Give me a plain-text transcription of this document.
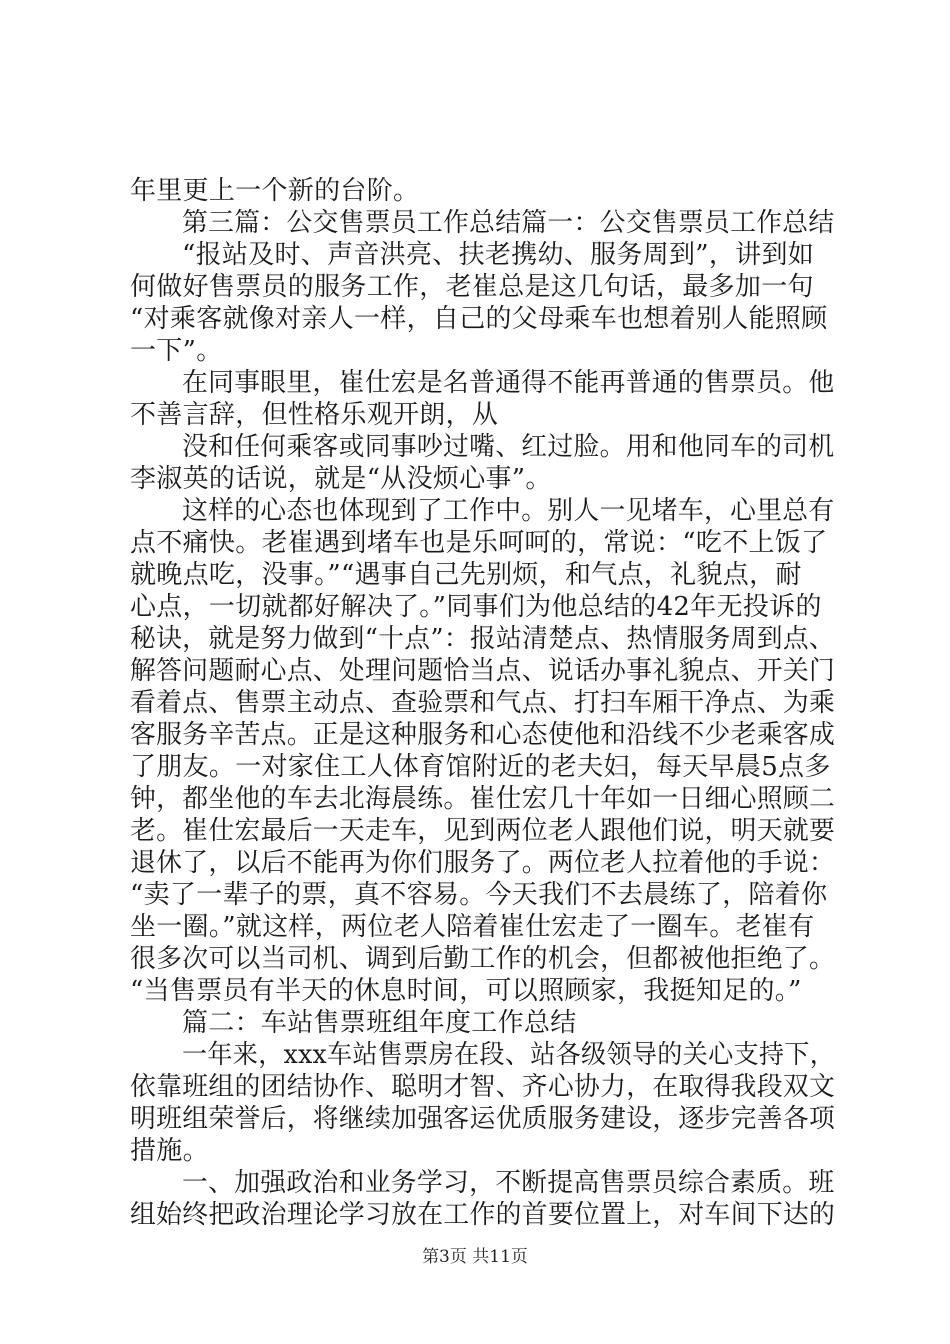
年里更上一个新的台阶。
第三篇：公交售票员工作总结篇一：公交售票员工作总结
“报站及时、声音洪亮、扶老携幼、服务周到”，讲到如
何做好售票员的服务工作，老崔总是这几句话，最多加一句
“对乘客就像对亲人一样，自己的父母乘车也想着别人能照顾
一下”。
在同事眼里，崔仕宏是名普通得不能再普通的售票员。他
不善言辞，但性格乐观开朗，从
没和任何乘客或同事吵过嘴、红过脸。用和他同车的司机
李淑英的话说，就是“从没烦心事”。
这样的心态也体现到了工作中。别人一见堵车，心里总有
点不痛快。老崔遇到堵车也是乐呵呵的，常说：“吃不上饭了
就晚点吃，没事。”“遇事自己先别烦，和气点，礼貌点，耐
心点，一切就都好解决了。”同事们为他总结的42年无投诉的
秘诀，就是努力做到“十点”：报站清楚点、热情服务周到点、
解答问题耐心点、处理问题恰当点、说话办事礼貌点、开关门
看着点、售票主动点、查验票和气点、打扫车厢干净点、为乘
客服务辛苦点。正是这种服务和心态使他和沿线不少老乘客成
了朋友。一对家住工人体育馆附近的老夫妇，每天早晨5点多
钟，都坐他的车去北海晨练。崔仕宏几十年如一日细心照顾二
老。崔仕宏最后一天走车，见到两位老人跟他们说，明天就要
退休了，以后不能再为你们服务了。两位老人拉着他的手说：
“卖了一辈子的票，真不容易。今天我们不去晨练了，陪着你
坐一圈。”就这样，两位老人陪着崔仕宏走了一圈车。老崔有
很多次可以当司机、调到后勤工作的机会，但都被他拒绝了。
“当售票员有半天的休息时间，可以照顾家，我挺知足的。”
篇二：车站售票班组年度工作总结
一年来，xxx车站售票房在段、站各级领导的关心支持下，
依靠班组的团结协作、聪明才智、齐心协力，在取得我段双文
明班组荣誉后，将继续加强客运优质服务建设，逐步完善各项
措施。
一、加强政治和业务学习，不断提高售票员综合素质。班
组始终把政治理论学习放在工作的首要位置上，对车间下达的
第3页 共11页
